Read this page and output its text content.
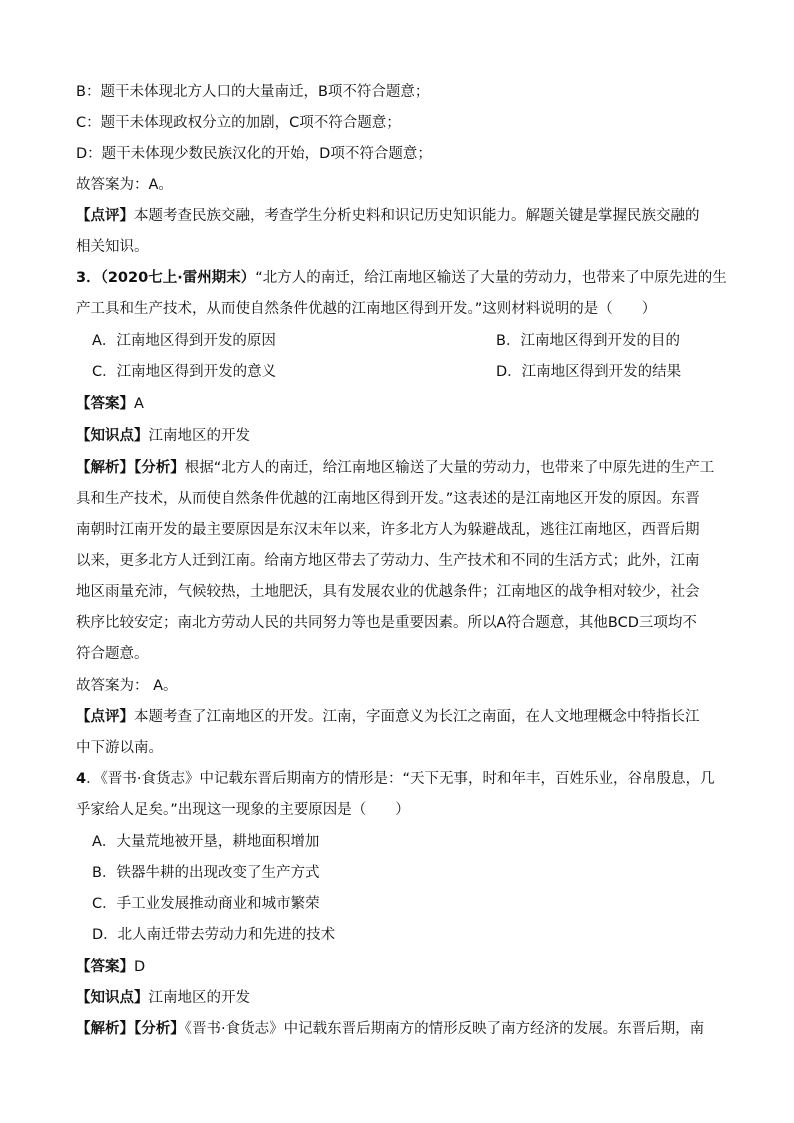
B：题干未体现北方人口的大量南迁，B项不符合题意；
C：题干未体现政权分立的加剧，C项不符合题意；
D：题干未体现少数民族汉化的开始，D项不符合题意；
故答案为：A。
【点评】本题考查民族交融，考查学生分析史料和识记历史知识能力。解题关键是掌握民族交融的
相关知识。
3．（2020七上·雷州期末）“北方人的南迁，给江南地区输送了大量的劳动力，也带来了中原先进的生
产工具和生产技术，从而使自然条件优越的江南地区得到开发。”这则材料说明的是（　　）
A．江南地区得到开发的原因	B．江南地区得到开发的目的
C．江南地区得到开发的意义	D．江南地区得到开发的结果
【答案】A
【知识点】江南地区的开发
【解析】【分析】根据“北方人的南迁，给江南地区输送了大量的劳动力，也带来了中原先进的生产工
具和生产技术，从而使自然条件优越的江南地区得到开发。”这表述的是江南地区开发的原因。东晋
南朝时江南开发的最主要原因是东汉末年以来，许多北方人为躲避战乱，逃往江南地区，西晋后期
以来，更多北方人迁到江南。给南方地区带去了劳动力、生产技术和不同的生活方式；此外，江南
地区雨量充沛，气候较热，土地肥沃，具有发展农业的优越条件；江南地区的战争相对较少，社会
秩序比较安定；南北方劳动人民的共同努力等也是重要因素。所以A符合题意，其他BCD三项均不
符合题意。
故答案为： A。
【点评】本题考查了江南地区的开发。江南，字面意义为长江之南面，在人文地理概念中特指长江
中下游以南。
4．《晋书·食货志》中记载东晋后期南方的情形是：“天下无事，时和年丰，百姓乐业，谷帛殷息，几
乎家给人足矣。”出现这一现象的主要原因是（　　）
A．大量荒地被开垦，耕地面积增加
B．铁器牛耕的出现改变了生产方式
C．手工业发展推动商业和城市繁荣
D．北人南迁带去劳动力和先进的技术
【答案】D
【知识点】江南地区的开发
【解析】【分析】《晋书·食货志》中记载东晋后期南方的情形反映了南方经济的发展。东晋后期，南
